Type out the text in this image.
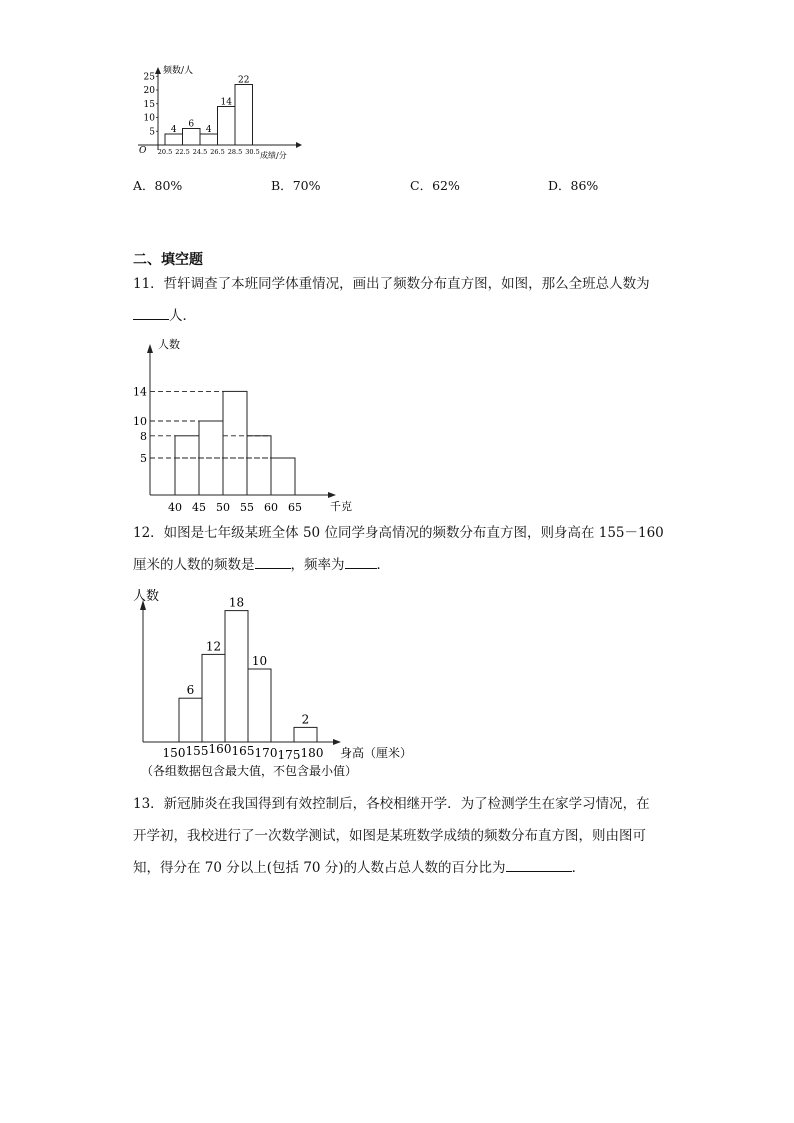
频数/人
成绩/分
O
5
10
15
20
25
4
6
4
14
22
20.5 22.5 24.5 26.5 28.5 30.5
A．80%	B．70%	C．62%	D．86%
二、填空题
11．哲轩调查了本班同学体重情况，画出了频数分布直方图，如图，那么全班总人数为
人．
人数
千克
5
8
10
14
40 45 50 55 60 65
12．如图是七年级某班全体 50 位同学身高情况的频数分布直方图，则身高在 155－160
厘米的人数的频数是	，频率为 ．
人数
身高（厘米）
6
12
18
10
2
150 155 160 165 170 175 180
（各组数据包含最大值，不包含最小值）
13．新冠肺炎在我国得到有效控制后，各校相继开学．为了检测学生在家学习情况，在
开学初，我校进行了一次数学测试，如图是某班数学成绩的频数分布直方图，则由图可
知，得分在 70 分以上(包括 70 分)的人数占总人数的百分比为	．
